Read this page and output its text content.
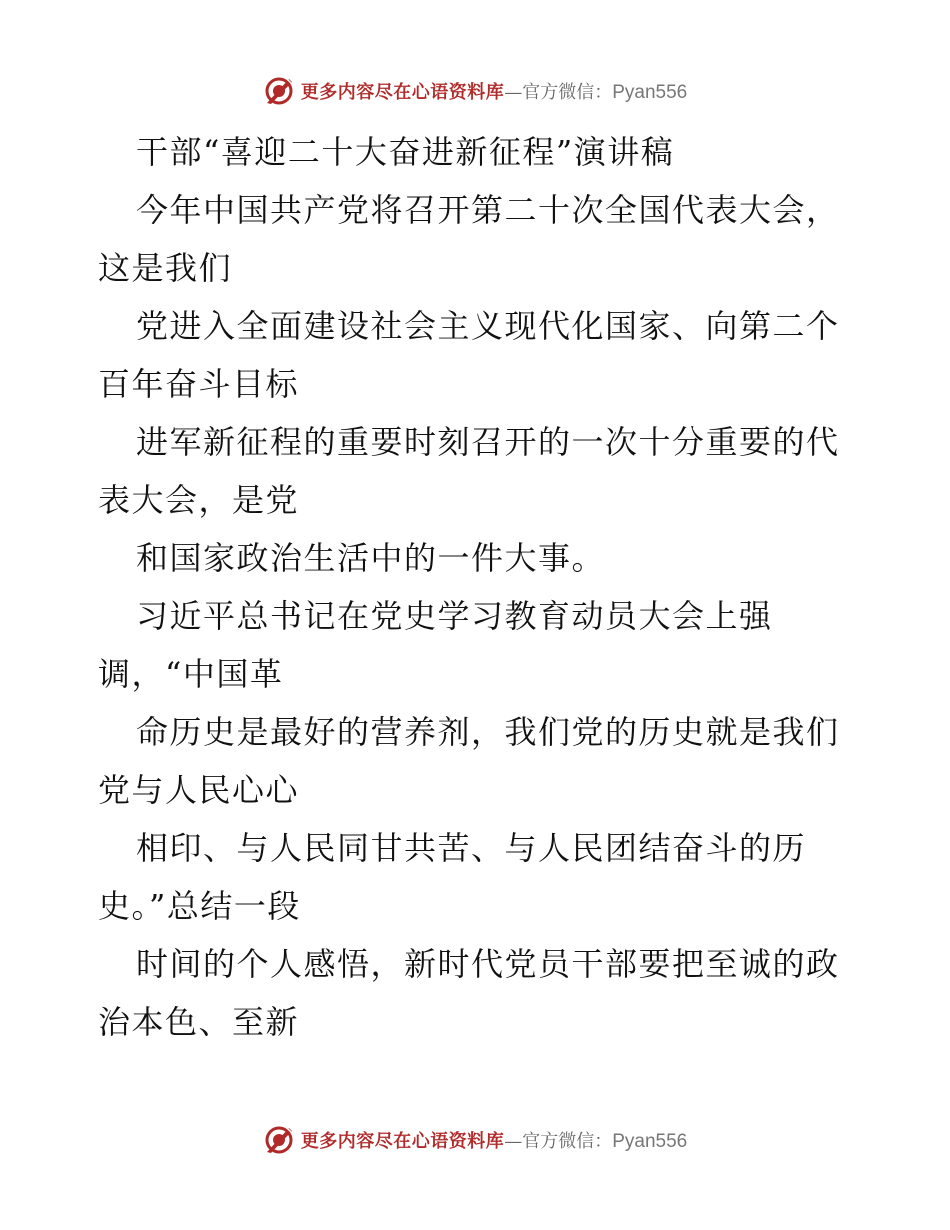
更多内容尽在心语资料库 — 官方微信： Pyan556
干部“喜迎二十大奋进新征程”演讲稿
今年中国共产党将召开第二十次全国代表大会，
这是我们
党进入全面建设社会主义现代化国家、向第二个
百年奋斗目标
进军新征程的重要时刻召开的一次十分重要的代
表大会，是党
和国家政治生活中的一件大事。
习近平总书记在党史学习教育动员大会上强
调，“中国革
命历史是最好的营养剂，我们党的历史就是我们
党与人民心心
相印、与人民同甘共苦、与人民团结奋斗的历
史。”总结一段
时间的个人感悟，新时代党员干部要把至诚的政
治本色、至新
更多内容尽在心语资料库 — 官方微信： Pyan556
